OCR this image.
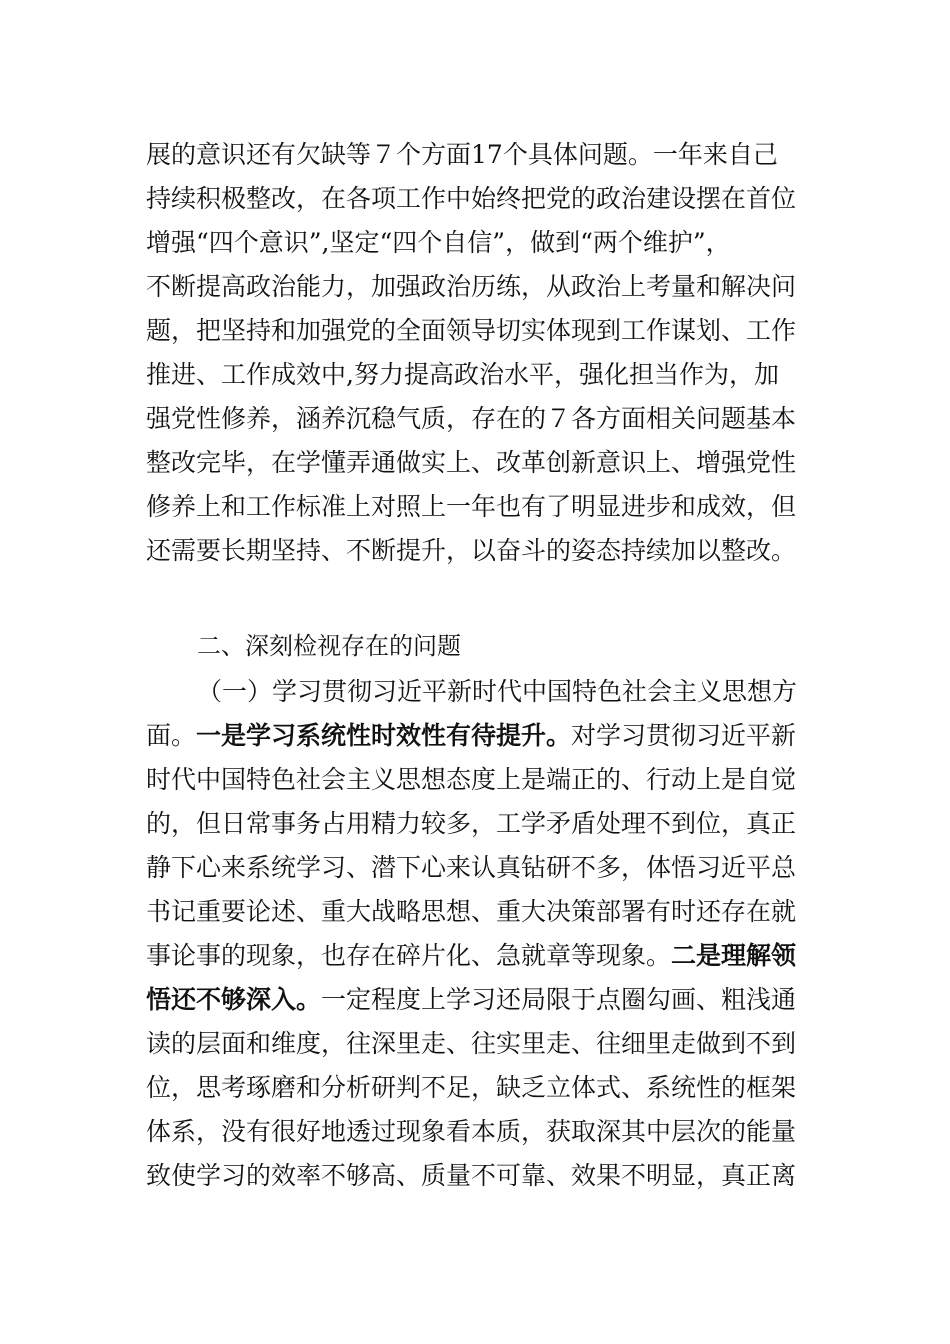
展的意识还有欠缺等７个方面17个具体问题。一年来自己
持续积极整改，在各项工作中始终把党的政治建设摆在首位
增强“四个意识”,坚定“四个自信”，做到“两个维护”，
不断提高政治能力，加强政治历练，从政治上考量和解决问
题，把坚持和加强党的全面领导切实体现到工作谋划、工作
推进、工作成效中,努力提高政治水平，强化担当作为，加
强党性修养，涵养沉稳气质，存在的７各方面相关问题基本
整改完毕，在学懂弄通做实上、改革创新意识上、增强党性
修养上和工作标准上对照上一年也有了明显进步和成效，但
还需要长期坚持、不断提升，以奋斗的姿态持续加以整改。
二、深刻检视存在的问题
（一）学习贯彻习近平新时代中国特色社会主义思想方
面。一是学习系统性时效性有待提升。对学习贯彻习近平新
时代中国特色社会主义思想态度上是端正的、行动上是自觉
的，但日常事务占用精力较多，工学矛盾处理不到位，真正
静下心来系统学习、潜下心来认真钻研不多，体悟习近平总
书记重要论述、重大战略思想、重大决策部署有时还存在就
事论事的现象，也存在碎片化、急就章等现象。二是理解领
悟还不够深入。一定程度上学习还局限于点圈勾画、粗浅通
读的层面和维度，往深里走、往实里走、往细里走做到不到
位，思考琢磨和分析研判不足，缺乏立体式、系统性的框架
体系，没有很好地透过现象看本质，获取深其中层次的能量
致使学习的效率不够高、质量不可靠、效果不明显，真正离
